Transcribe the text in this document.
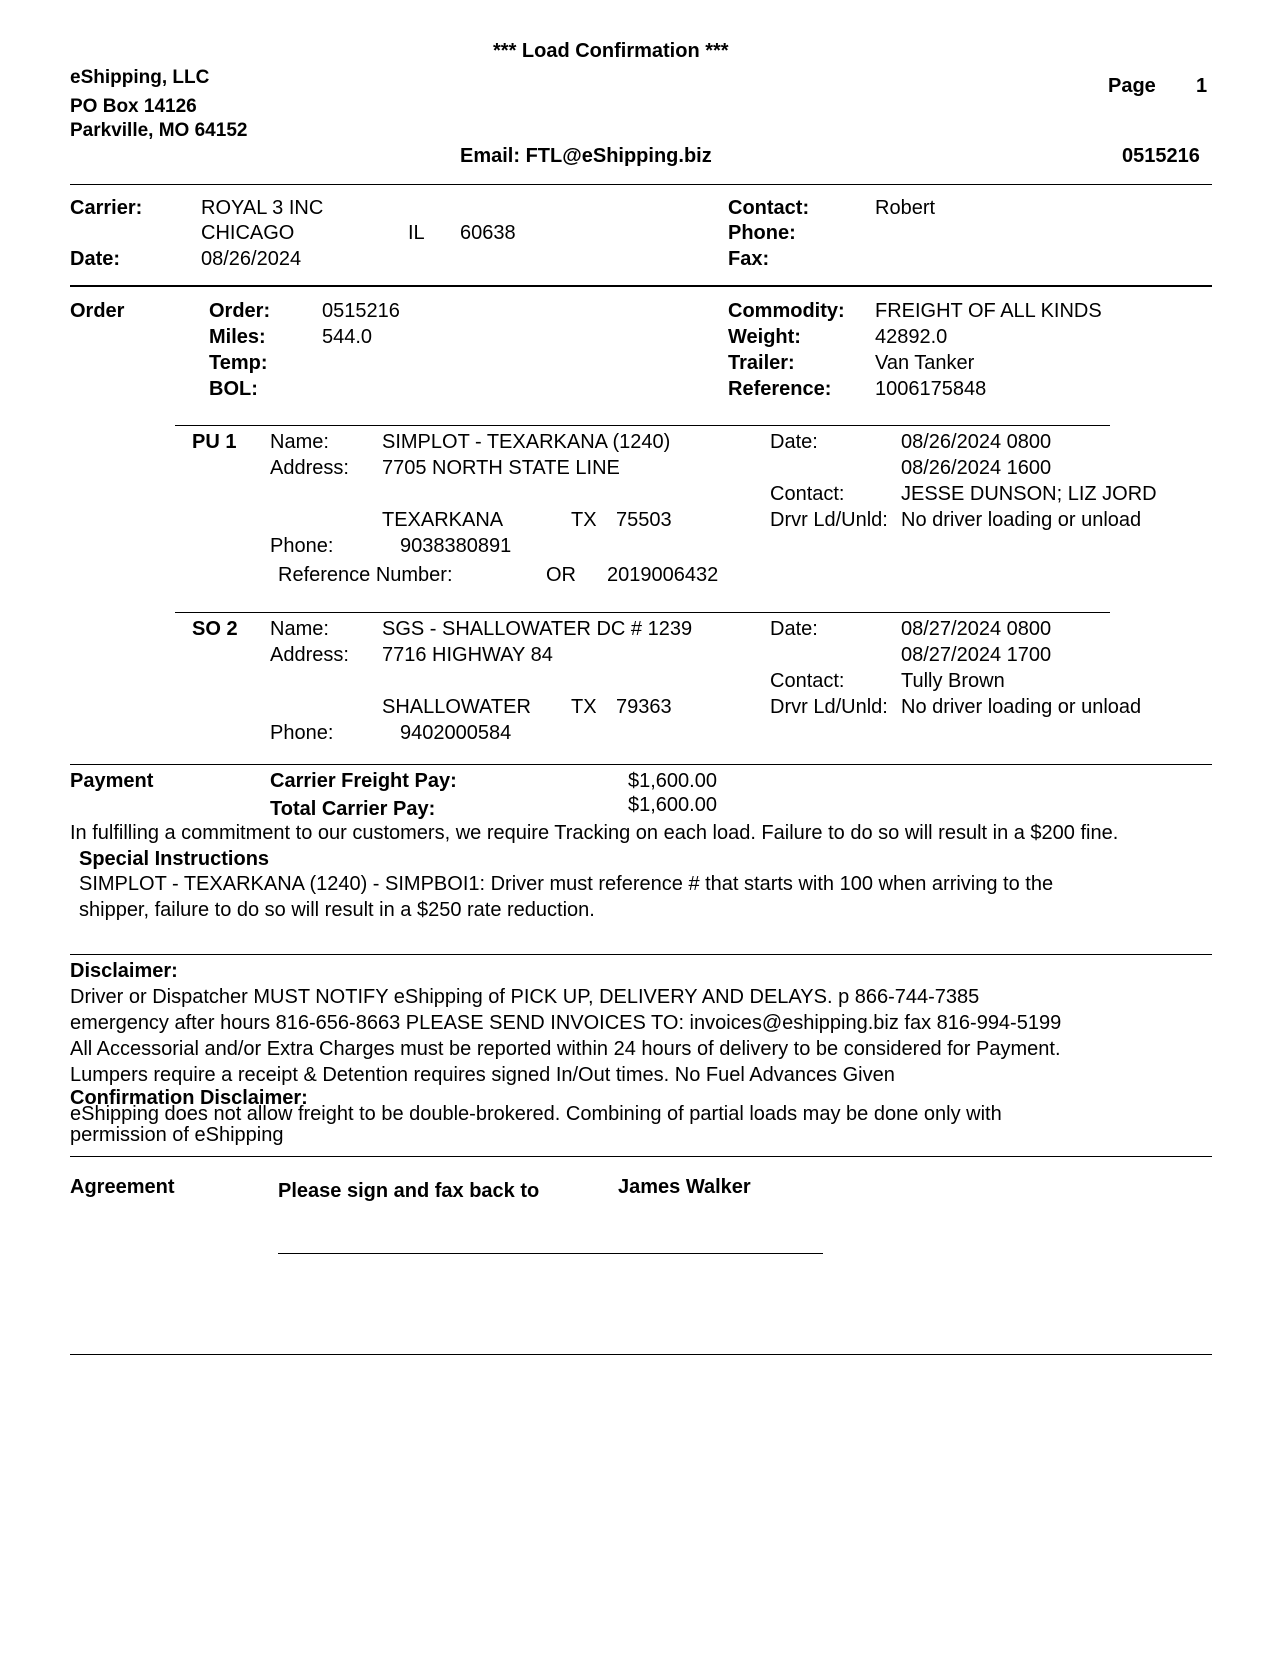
*** Load Confirmation ***
eShipping, LLC
PO Box 14126
Parkville, MO 64152
Page 1
Email: FTL@eShipping.biz	0515216
Carrier:	ROYAL 3 INC
CHICAGO	IL 60638
Date:	08/26/2024
Contact:	Robert
Phone:
Fax:
Order	Order:	0515216
Miles:	544.0
Temp:
BOL:
Commodity: FREIGHT OF ALL KINDS
Weight:	42892.0
Trailer:	Van Tanker
Reference: 1006175848
PU 1 Name:	SIMPLOT - TEXARKANA (1240)
Address: 7705 NORTH STATE LINE
TEXARKANA	TX 75503
Phone:	9038380891
Reference Number:	OR 2019006432
Date:	08/26/2024 0800
08/26/2024 1600
Contact:	JESSE DUNSON; LIZ JORD
Drvr Ld/Unld: No driver loading or unload
SO 2 Name:	SGS - SHALLOWATER DC # 1239
Address: 7716 HIGHWAY 84
SHALLOWATER TX 79363
Phone:	9402000584
Date:	08/27/2024 0800
08/27/2024 1700
Contact:	Tully Brown
Drvr Ld/Unld: No driver loading or unload
Payment	Carrier Freight Pay:	$1,600.00
Total Carrier Pay:	$1,600.00
In fulfilling a commitment to our customers, we require Tracking on each load. Failure to do so will result in a $200 fine.
Special Instructions
SIMPLOT - TEXARKANA (1240) - SIMPBOI1: Driver must reference # that starts with 100 when arriving to the
shipper, failure to do so will result in a $250 rate reduction.
Disclaimer:
Driver or Dispatcher MUST NOTIFY eShipping of PICK UP, DELIVERY AND DELAYS. p 866-744-7385
emergency after hours 816-656-8663 PLEASE SEND INVOICES TO: invoices@eshipping.biz fax 816-994-5199
All Accessorial and/or Extra Charges must be reported within 24 hours of delivery to be considered for Payment.
Lumpers require a receipt & Detention requires signed In/Out times. No Fuel Advances Given
Confirmation Disclaimer:
eShipping does not allow freight to be double-brokered. Combining of partial loads may be done only with
permission of eShipping
Agreement	Please sign and fax back to	James Walker
